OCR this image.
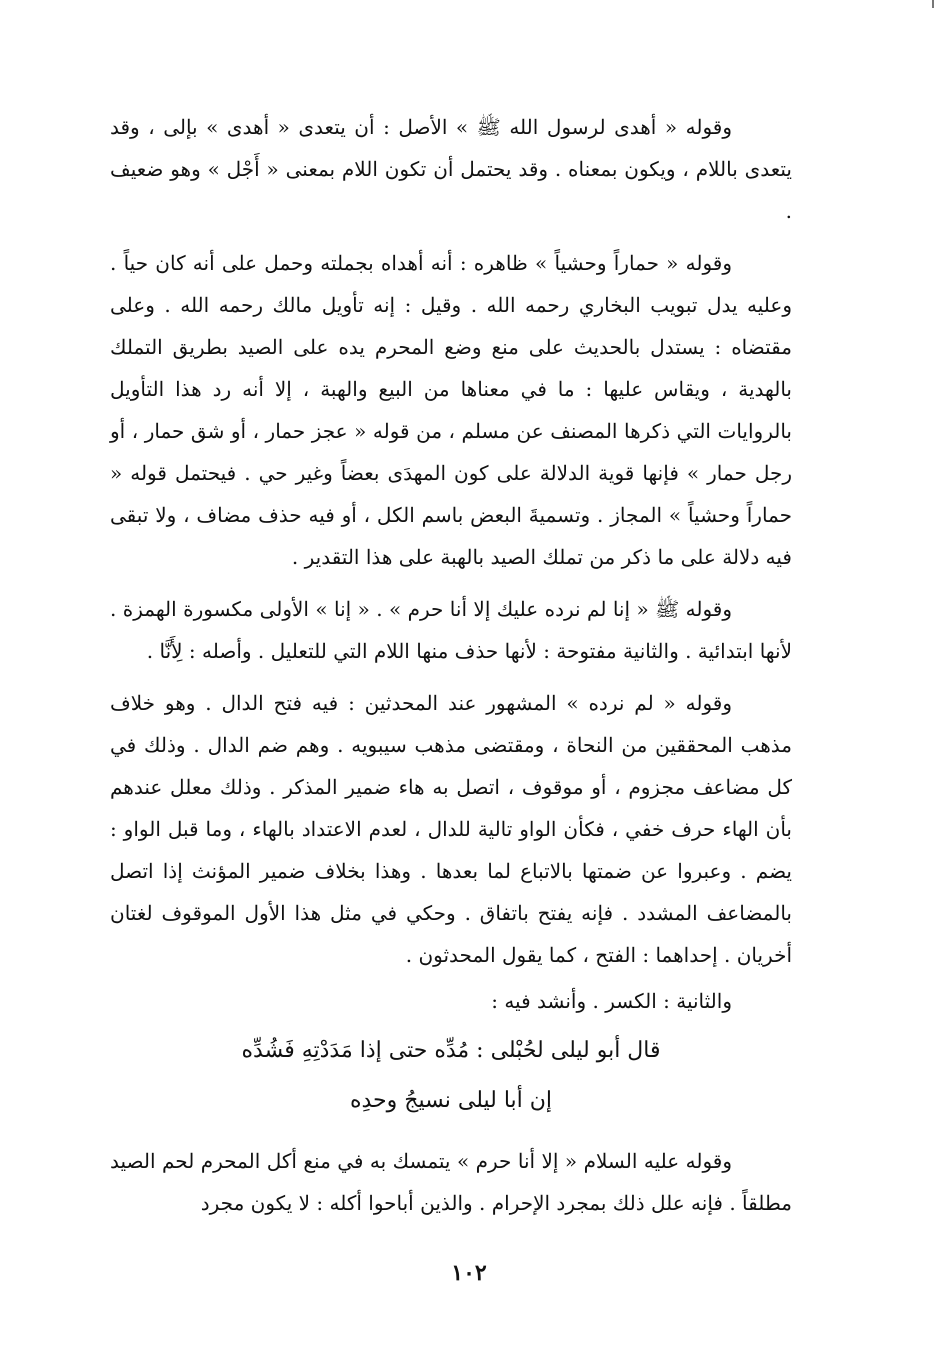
وقوله « أهدى لرسول الله ﷺ » الأصل : أن يتعدى « أهدى » بإلى ، وقد يتعدى باللام ، ويكون بمعناه . وقد يحتمل أن تكون اللام بمعنى « أَجْل » وهو ضعيف .

وقوله « حماراً وحشياً » ظاهره : أنه أهداه بجملته وحمل على أنه كان حياً . وعليه يدل تبويب البخاري رحمه الله . وقيل : إنه تأويل مالك رحمه الله . وعلى مقتضاه : يستدل بالحديث على منع وضع المحرم يده على الصيد بطريق التملك بالهدية ، ويقاس عليها : ما في معناها من البيع والهبة ، إلا أنه رد هذا التأويل بالروايات التي ذكرها المصنف عن مسلم ، من قوله « عجز حمار ، أو شق حمار ، أو رجل حمار » فإنها قوية الدلالة على كون المهدَى بعضاً وغير حي . فيحتمل قوله « حماراً وحشياً » المجاز . وتسميةَ البعض باسم الكل ، أو فيه حذف مضاف ، ولا تبقى فيه دلالة على ما ذكر من تملك الصيد بالهبة على هذا التقدير .

وقوله ﷺ « إنا لم نرده عليك إلا أنا حرم » . « إنا » الأولى مكسورة الهمزة . لأنها ابتدائية . والثانية مفتوحة : لأنها حذف منها اللام التي للتعليل . وأصله : لِأَنَّا .

وقوله « لم نرده » المشهور عند المحدثين : فيه فتح الدال . وهو خلاف مذهب المحققين من النحاة ، ومقتضى مذهب سيبويه . وهم ضم الدال . وذلك في كل مضاعف مجزوم ، أو موقوف ، اتصل به هاء ضمير المذكر . وذلك معلل عندهم بأن الهاء حرف خفي ، فكأن الواو تالية للدال ، لعدم الاعتداد بالهاء ، وما قبل الواو : يضم . وعبروا عن ضمتها بالاتباع لما بعدها . وهذا بخلاف ضمير المؤنث إذا اتصل بالمضاعف المشدد . فإنه يفتح باتفاق . وحكي في مثل هذا الأول الموقوف لغتان أخريان . إحداهما : الفتح ، كما يقول المحدثون .

والثانية : الكسر . وأنشد فيه :

قال أبو ليلى لحُبْلى : مُدِّه حتى إذا مَدَدْتِهِ فَشُدِّه
إن أبا ليلى نسيجُ وحدِه

وقوله عليه السلام « إلا أنا حرم » يتمسك به في منع أكل المحرم لحم الصيد مطلقاً . فإنه علل ذلك بمجرد الإحرام . والذين أباحوا أكله : لا يكون مجرد

١٠٢
